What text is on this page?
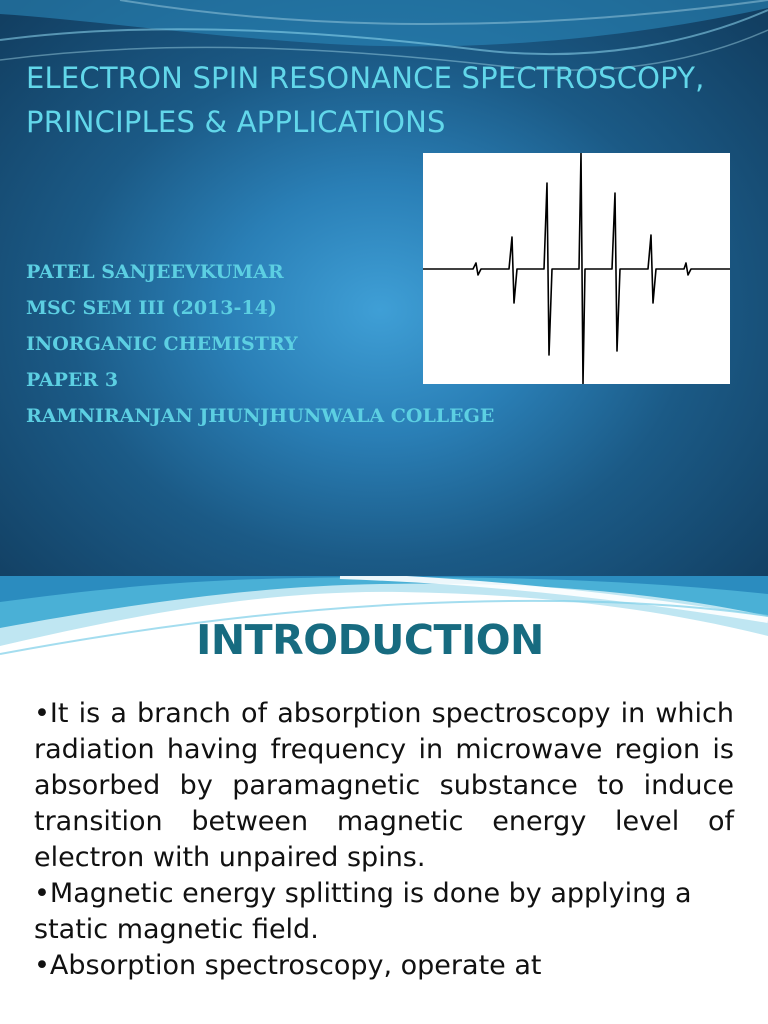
ELECTRON SPIN RESONANCE SPECTROSCOPY,
PRINCIPLES & APPLICATIONS
PATEL SANJEEVKUMAR
MSC SEM III (2013-14)
INORGANIC CHEMISTRY
PAPER 3
RAMNIRANJAN JHUNJHUNWALA COLLEGE
INTRODUCTION

•It is a branch of absorption spectroscopy in which radiation having frequency in microwave region is absorbed by paramagnetic substance to induce transition between magnetic energy level of electron with unpaired spins.

•Magnetic energy splitting is done by applying a static magnetic field.

•Absorption spectroscopy, operate at
